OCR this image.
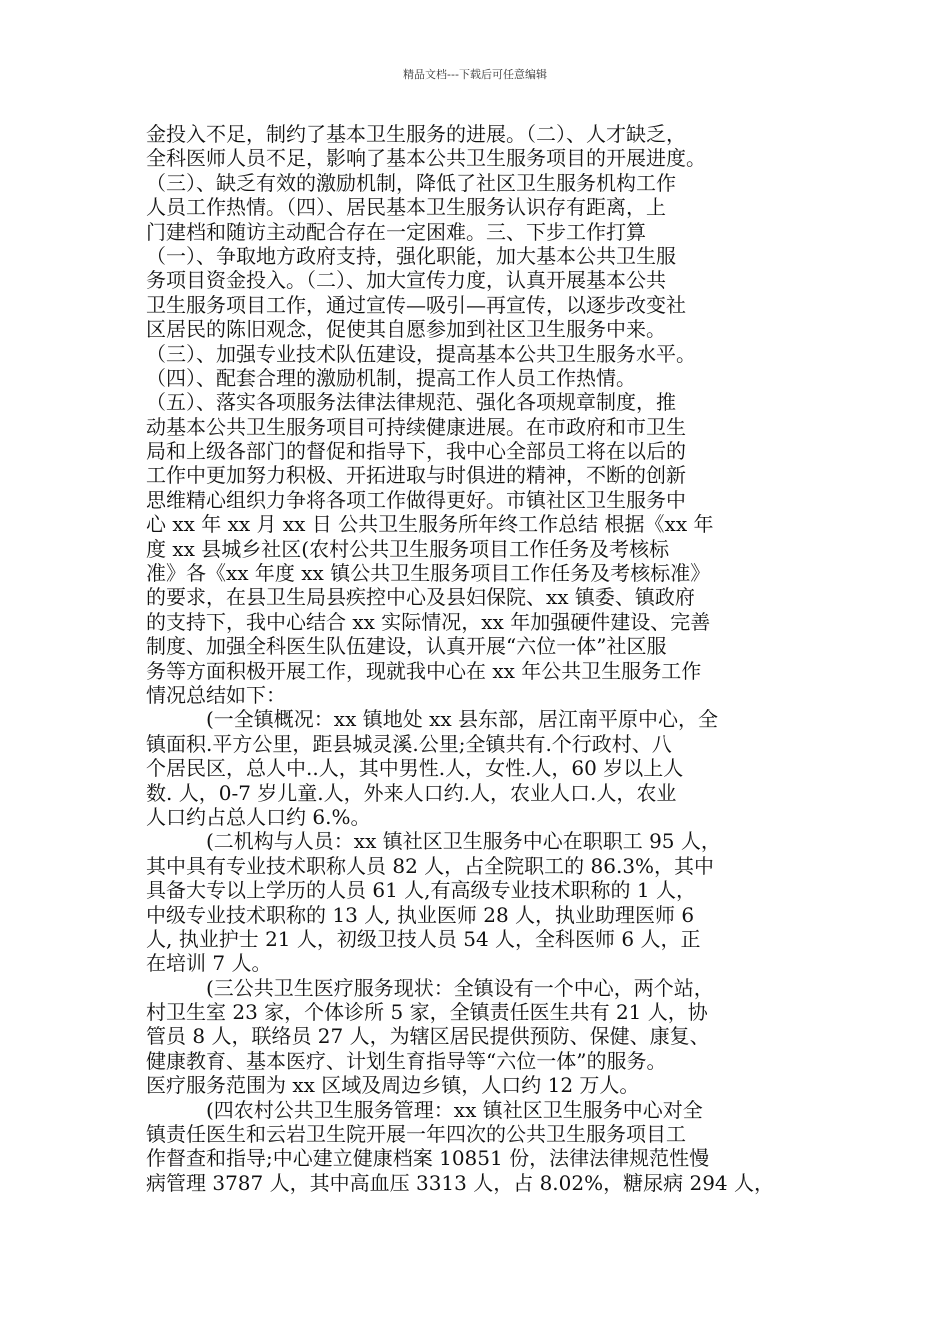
精品文档---下载后可任意编辑
金投入不足，制约了基本卫生服务的进展。（二）、人才缺乏，
全科医师人员不足，影响了基本公共卫生服务项目的开展进度。
（三）、缺乏有效的激励机制，降低了社区卫生服务机构工作
人员工作热情。（四）、居民基本卫生服务认识存有距离，上
门建档和随访主动配合存在一定困难。三、下步工作打算
（一）、争取地方政府支持，强化职能，加大基本公共卫生服
务项目资金投入。（二）、加大宣传力度，认真开展基本公共
卫生服务项目工作，通过宣传—吸引—再宣传，以逐步改变社
区居民的陈旧观念，促使其自愿参加到社区卫生服务中来。
（三）、加强专业技术队伍建设，提高基本公共卫生服务水平。
（四）、配套合理的激励机制，提高工作人员工作热情。
（五）、落实各项服务法律法律规范、强化各项规章制度，推
动基本公共卫生服务项目可持续健康进展。在市政府和市卫生
局和上级各部门的督促和指导下，我中心全部员工将在以后的
工作中更加努力积极、开拓进取与时俱进的精神，不断的创新
思维精心组织力争将各项工作做得更好。市镇社区卫生服务中
心 xx 年 xx 月 xx 日 公共卫生服务所年终工作总结 根据《xx 年
度 xx 县城乡社区(农村公共卫生服务项目工作任务及考核标
准》各《xx 年度 xx 镇公共卫生服务项目工作任务及考核标准》
的要求，在县卫生局县疾控中心及县妇保院、xx 镇委、镇政府
的支持下，我中心结合 xx 实际情况，xx 年加强硬件建设、完善
制度、加强全科医生队伍建设，认真开展“六位一体”社区服
务等方面积极开展工作，现就我中心在 xx 年公共卫生服务工作
情况总结如下：
(一全镇概况：xx 镇地处 xx 县东部，居江南平原中心，全
镇面积.平方公里，距县城灵溪.公里;全镇共有.个行政村、八
个居民区，总人中..人，其中男性.人，女性.人，60 岁以上人
数. 人，0-7 岁儿童.人，外来人口约.人，农业人口.人，农业
人口约占总人口约 6.%。
(二机构与人员：xx 镇社区卫生服务中心在职职工 95 人，
其中具有专业技术职称人员 82 人，占全院职工的 86.3%，其中
具备大专以上学历的人员 61 人,有高级专业技术职称的 1 人，
中级专业技术职称的 13 人, 执业医师 28 人，执业助理医师 6
人, 执业护士 21 人，初级卫技人员 54 人，全科医师 6 人，正
在培训 7 人。
(三公共卫生医疗服务现状：全镇设有一个中心，两个站，
村卫生室 23 家，个体诊所 5 家，全镇责任医生共有 21 人，协
管员 8 人，联络员 27 人，为辖区居民提供预防、保健、康复、
健康教育、基本医疗、计划生育指导等“六位一体”的服务。
医疗服务范围为 xx 区域及周边乡镇，人口约 12 万人。
(四农村公共卫生服务管理：xx 镇社区卫生服务中心对全
镇责任医生和云岩卫生院开展一年四次的公共卫生服务项目工
作督查和指导;中心建立健康档案 10851 份，法律法律规范性慢
病管理 3787 人，其中高血压 3313 人，占 8.02%，糖尿病 294 人，
